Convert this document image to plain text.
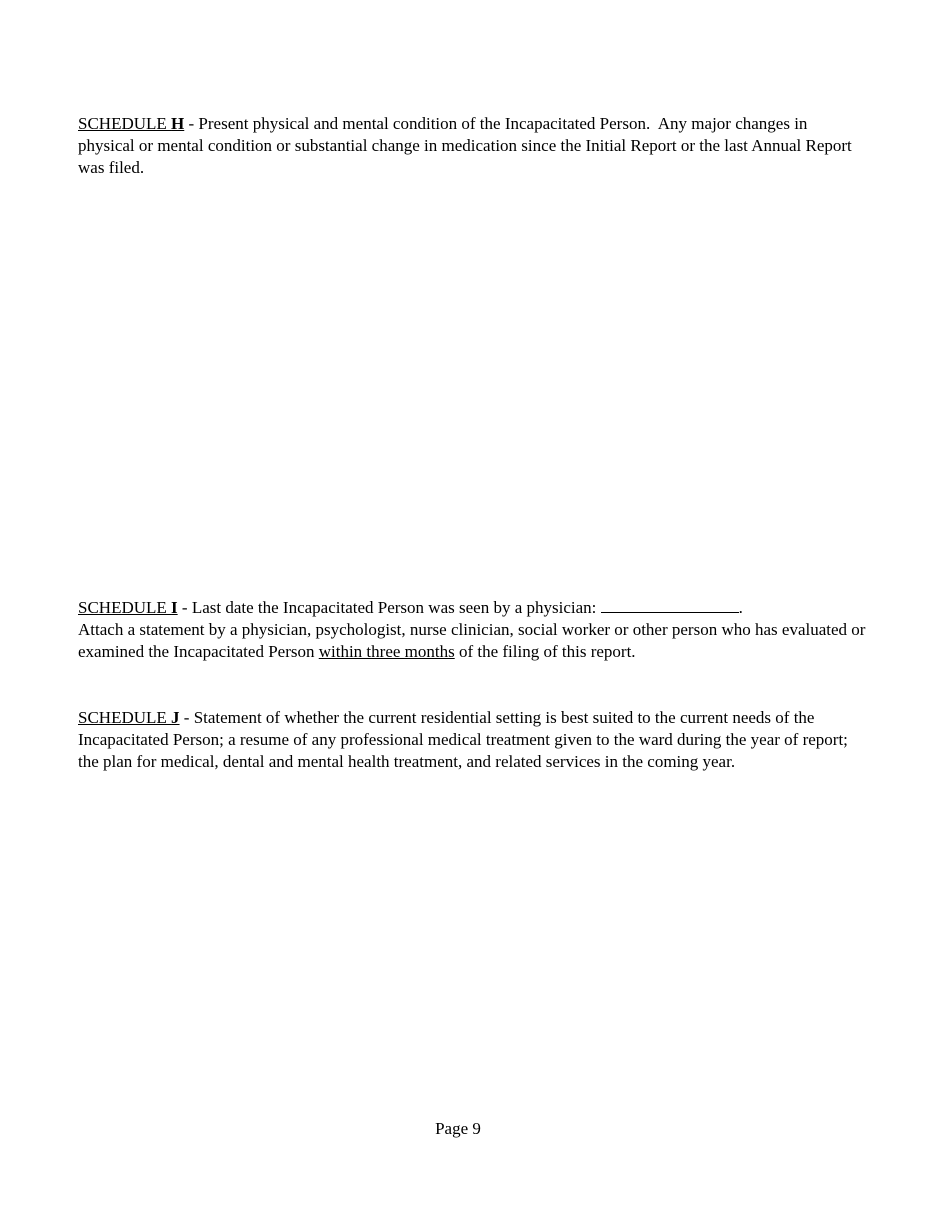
SCHEDULE H - Present physical and mental condition of the Incapacitated Person.  Any major changes in physical or mental condition or substantial change in medication since the Initial Report or the last Annual Report was filed.

SCHEDULE I - Last date the Incapacitated Person was seen by a physician:	.
Attach a statement by a physician, psychologist, nurse clinician, social worker or other person who has evaluated or examined the Incapacitated Person within three months of the filing of this report.

SCHEDULE J - Statement of whether the current residential setting is best suited to the current needs of the Incapacitated Person; a resume of any professional medical treatment given to the ward during the year of report; the plan for medical, dental and mental health treatment, and related services in the coming year.

Page 9
